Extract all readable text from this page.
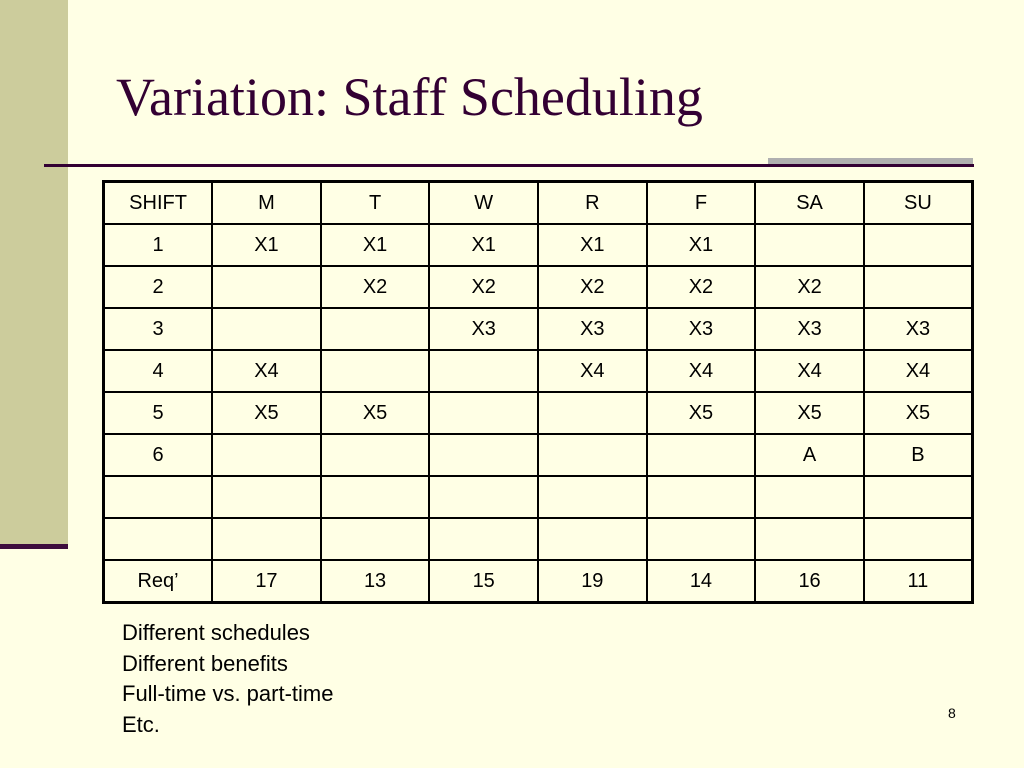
Variation: Staff Scheduling
SHIFT	M	T	W	R	F	SA	SU
1	X1	X1	X1	X1	X1		
2		X2	X2	X2	X2	X2	
3			X3	X3	X3	X3	X3
4	X4			X4	X4	X4	X4
5	X5	X5			X5	X5	X5
6						A	B

Req’	17	13	15	19	14	16	11
Different schedules
Different benefits
Full-time vs. part-time
Etc.	8
